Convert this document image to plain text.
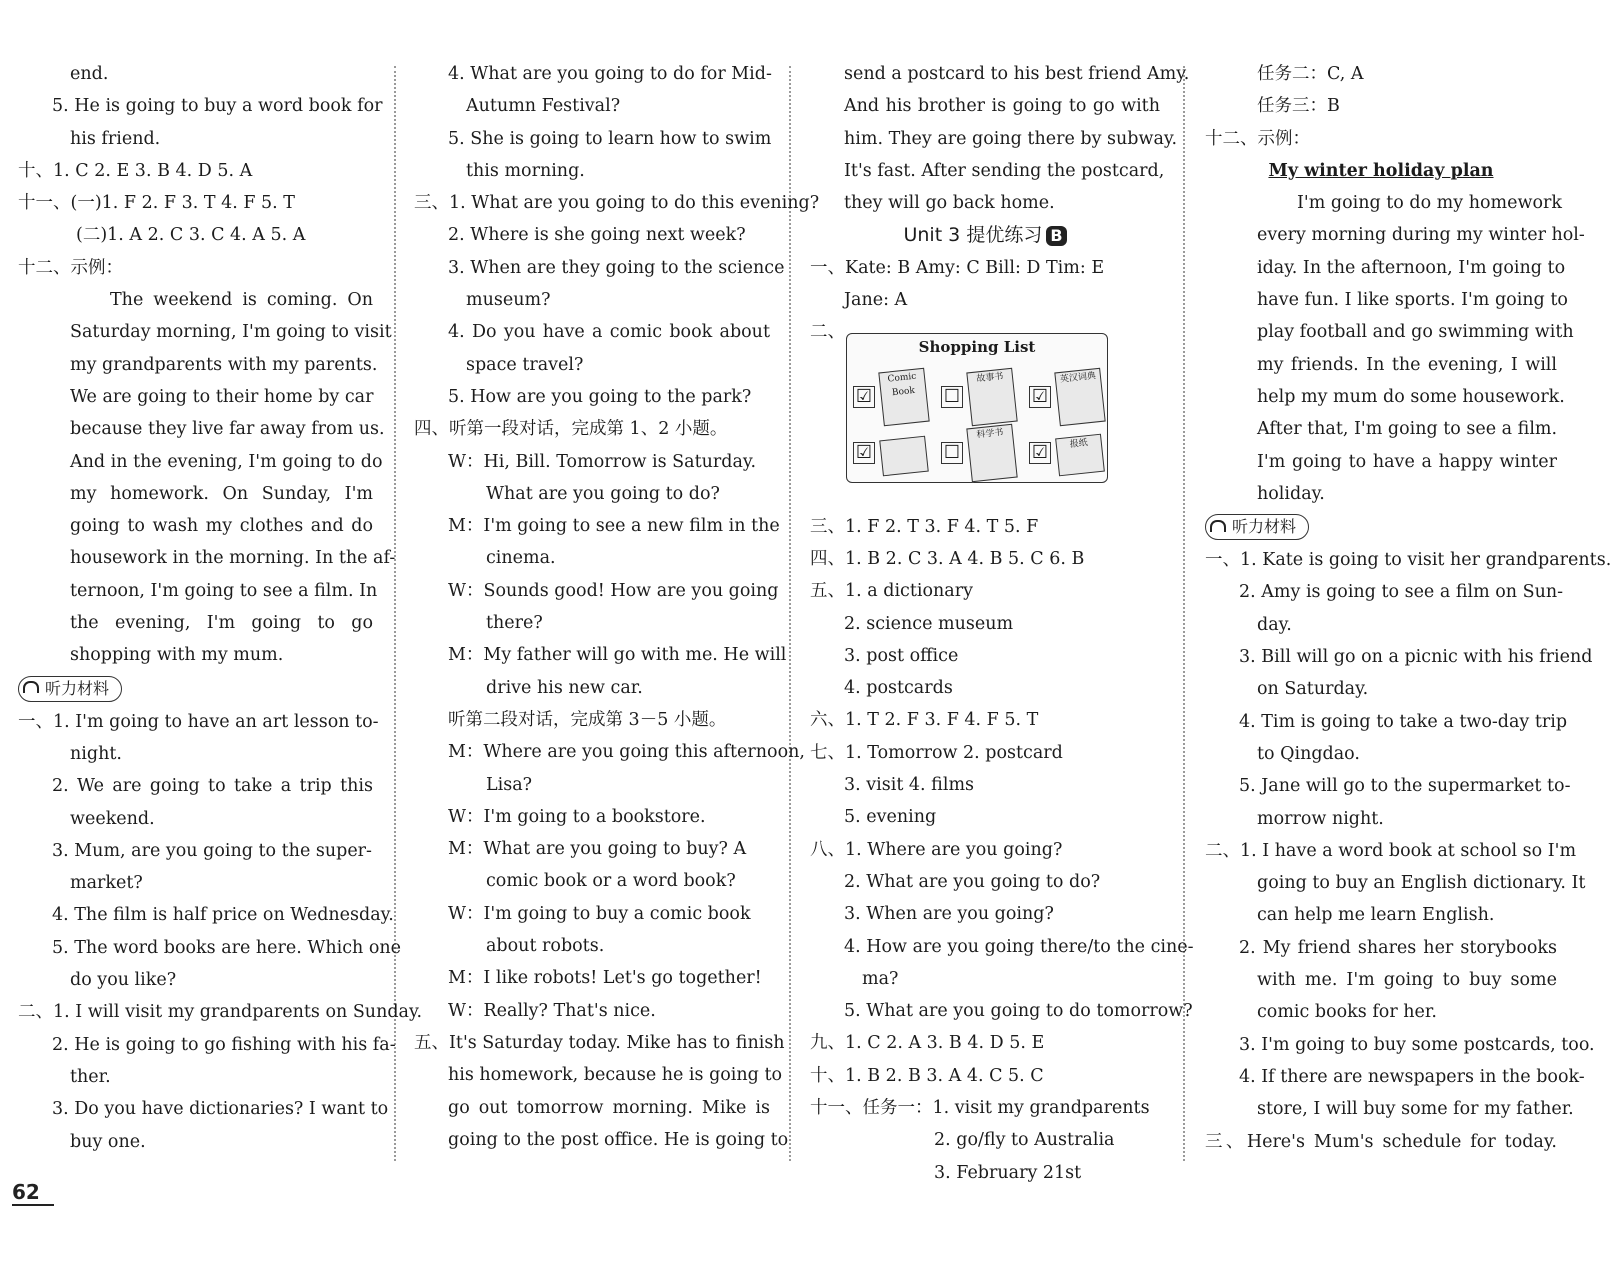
end.
5. He is going to buy a word book for
his friend.
十、1. C 2. E 3. B 4. D 5. A
十一、(一)1. F 2. F 3. T 4. F 5. T
(二)1. A 2. C 3. C 4. A 5. A
十二、示例：
The weekend is coming. On
Saturday morning, I'm going to visit
my grandparents with my parents.
We are going to their home by car
because they live far away from us.
And in the evening, I'm going to do
my homework. On Sunday, I'm
going to wash my clothes and do
housework in the morning. In the af-
ternoon, I'm going to see a film. In
the evening, I'm going to go
shopping with my mum.
听力材料
一、1. I'm going to have an art lesson to-
night.
2. We are going to take a trip this
weekend.
3. Mum, are you going to the super-
market?
4. The film is half price on Wednesday.
5. The word books are here. Which one
do you like?
二、1. I will visit my grandparents on Sunday.
2. He is going to go fishing with his fa-
ther.
3. Do you have dictionaries? I want to
buy one.
4. What are you going to do for Mid-
Autumn Festival?
5. She is going to learn how to swim
this morning.
三、1. What are you going to do this evening?
2. Where is she going next week?
3. When are they going to the science
museum?
4. Do you have a comic book about
space travel?
5. How are you going to the park?
四、听第一段对话，完成第 1、2 小题。
W：Hi, Bill. Tomorrow is Saturday.
What are you going to do?
M：I'm going to see a new film in the
cinema.
W：Sounds good! How are you going
there?
M：My father will go with me. He will
drive his new car.
听第二段对话，完成第 3－5 小题。
M：Where are you going this afternoon,
Lisa?
W：I'm going to a bookstore.
M：What are you going to buy? A
comic book or a word book?
W：I'm going to buy a comic book
about robots.
M：I like robots! Let's go together!
W：Really? That's nice.
五、It's Saturday today. Mike has to finish
his homework, because he is going to
go out tomorrow morning. Mike is
going to the post office. He is going to
send a postcard to his best friend Amy.
And his brother is going to go with
him. They are going there by subway.
It's fast. After sending the postcard,
they will go back home.
Unit 3 提优练习 B
一、Kate: B Amy: C Bill: D Tim: E
Jane: A
二、
三、1. F 2. T 3. F 4. T 5. F
四、1. B 2. C 3. A 4. B 5. C 6. B
五、1. a dictionary
2. science museum
3. post office
4. postcards
六、1. T 2. F 3. F 4. F 5. T
七、1. Tomorrow 2. postcard
3. visit 4. films
5. evening
八、1. Where are you going?
2. What are you going to do?
3. When are you going?
4. How are you going there/to the cine-
ma?
5. What are you going to do tomorrow?
九、1. C 2. A 3. B 4. D 5. E
十、1. B 2. B 3. A 4. C 5. C
十一、任务一：1. visit my grandparents
2. go/fly to Australia
3. February 21st
Shopping List
☑
Comic Book	☐
故事书
☑
英汉词典
☑	☐
科学书
☑	报纸
任务二：C, A
任务三：B
十二、示例：
My winter holiday plan
I'm going to do my homework
every morning during my winter hol-
iday. In the afternoon, I'm going to
have fun. I like sports. I'm going to
play football and go swimming with
my friends. In the evening, I will
help my mum do some housework.
After that, I'm going to see a film.
I'm going to have a happy winter
holiday.
听力材料
一、1. Kate is going to visit her grandparents.
2. Amy is going to see a film on Sun-
day.
3. Bill will go on a picnic with his friend
on Saturday.
4. Tim is going to take a two-day trip
to Qingdao.
5. Jane will go to the supermarket to-
morrow night.
二、1. I have a word book at school so I'm
going to buy an English dictionary. It
can help me learn English.
2. My friend shares her storybooks
with me. I'm going to buy some
comic books for her.
3. I'm going to buy some postcards, too.
4. If there are newspapers in the book-
store, I will buy some for my father.
三、Here's Mum's schedule for today.
62
